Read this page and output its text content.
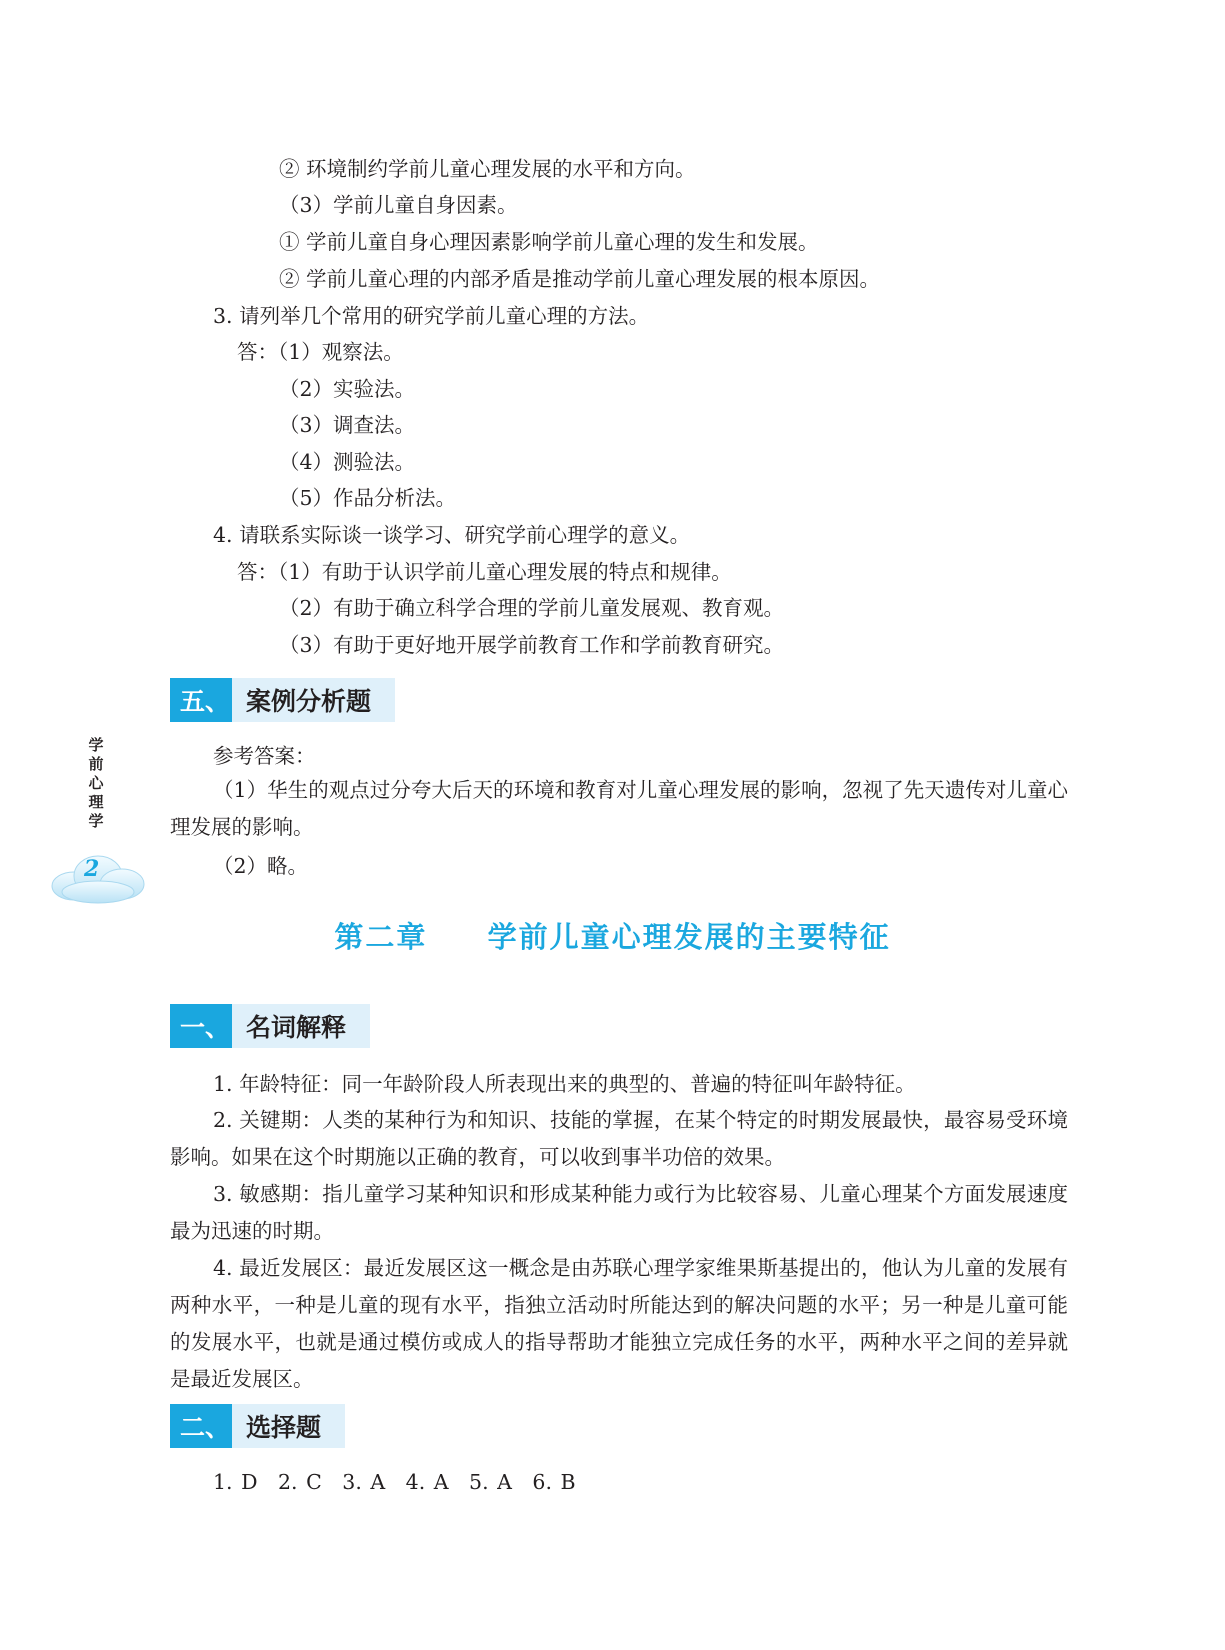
② 环境制约学前儿童心理发展的水平和方向。
（3）学前儿童自身因素。
① 学前儿童自身心理因素影响学前儿童心理的发生和发展。
② 学前儿童心理的内部矛盾是推动学前儿童心理发展的根本原因。
3. 请列举几个常用的研究学前儿童心理的方法。
答：（1）观察法。
（2）实验法。
（3）调查法。
（4）测验法。
（5）作品分析法。
4. 请联系实际谈一谈学习、研究学前心理学的意义。
答：（1）有助于认识学前儿童心理发展的特点和规律。
（2）有助于确立科学合理的学前儿童发展观、教育观。
（3）有助于更好地开展学前教育工作和学前教育研究。
五、 案例分析题
参考答案：
（1）华生的观点过分夸大后天的环境和教育对儿童心理发展的影响，忽视了先天遗传对儿童心理发展的影响。
（2）略。
学
前
心
理
学
2
第二章 学前儿童心理发展的主要特征
一、 名词解释
1. 年龄特征：同一年龄阶段人所表现出来的典型的、普遍的特征叫年龄特征。
2. 关键期：人类的某种行为和知识、技能的掌握，在某个特定的时期发展最快，最容易受环境影响。如果在这个时期施以正确的教育，可以收到事半功倍的效果。
3. 敏感期：指儿童学习某种知识和形成某种能力或行为比较容易、儿童心理某个方面发展速度最为迅速的时期。
4. 最近发展区：最近发展区这一概念是由苏联心理学家维果斯基提出的，他认为儿童的发展有两种水平，一种是儿童的现有水平，指独立活动时所能达到的解决问题的水平；另一种是儿童可能的发展水平，也就是通过模仿或成人的指导帮助才能独立完成任务的水平，两种水平之间的差异就是最近发展区。
二、 选择题
1. D　2. C　3. A　4. A　5. A　6. B
